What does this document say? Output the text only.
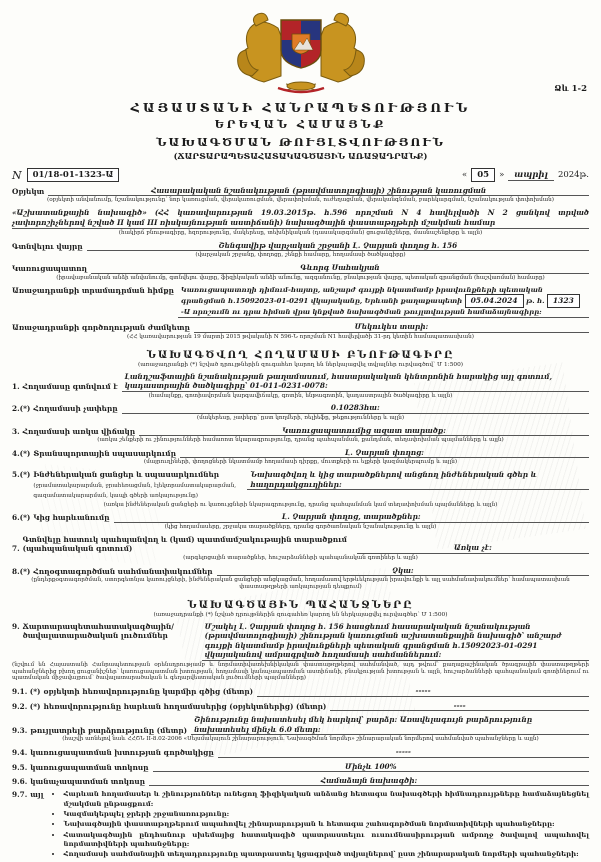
Ձև 1-2
ՀԱՅԱՍՏԱՆԻ ՀԱՆՐԱՊԵՏՈՒԹՅՈՒՆ
ԵՐԵՎԱՆ ՀԱՄԱՅՆՔ
ՆԱԽԱԳԾՄԱՆ ԹՈՒՅԼՏՎՈՒԹՅՈՒՆ
(ՃԱՐՏԱՐԱՊԵՏԱՀԱՏԱԿԱԳԾԱՅԻՆ ԱՌԱՋԱԴՐԱՆՔ)
N	01/18-01-1323-Ա	«	05	»	ապրիլ	2024թ.
Օբյեկտ	Հասարակական նշանակության (թրավմատոլոգիայի) շինության կառուցման
(օբյեկտի անվանումը, նշանակությունը՝ նոր կառուցման, վերակառուցման, վերափոխման, ուժեղացման, վերականգնման, բարեկարգման, նշանակության փոփոխման)
«Աշխատանքային նախագիծ» (ՀՀ կառավարության 19.03.2015թ. հ.596 որոշման N 4 հավելվածի N 2 ցանկով տրված չափորոշիչներով նշված II կամ III ռիսկայնության աստիճանի) նախագծային փաստաթղթերի մշակման համար
(հակիրճ բնութագիրը, հզորությունը, մակերեսը, տեխնիկական (դասակարգման) ցուցանիշները, մասնաշենքերը և այլն)
Գտնվելու վայրը	Շենգավիթ վարչական շրջանի Լ. Չարյան փողոց հ. 156
(վարչական շրջանը, փողոցը, շենքի համարը, հողամասի ծածկագիրը)
Կառուցապատող	Գևորգ Սահակյան
(իրավաբանական անձի անվանումը, գտնվելու վայրը, ֆիզիկական անձի անունը, ազգանունը, բնակության վայրը, պետական գրանցման (հաշվառման) համարը)
Առաջադրանքի տրամադրման հիմքը	Կառուցապատողի դիմում-հայտը, անշարժ գույքի նկատմամբ իրավունքների պետական գրանցման հ.15092023-01-0291 վկայականը, Երևանի քաղաքապետի 05.04.2024 թ. հ. 1323 -Ա որոշումն ու դրա հիման վրա կնքված նախագծման թույլտվության համաձայնագիրը:
Առաջադրանքի գործողության ժամկետը	Մեկուկես տարի:
(ՀՀ կառավարության 19 մարտի 2015 թվականի N 596-Ն որոշման N1 հավելվածի 31-րդ կետին համապատասխան)
ՆԱԽԱԳԾՎՈՂ ՀՈՂԱՄԱՍԻ ԲՆՈՒԹԱԳԻՐԸ
(առաջադրանքի (*) նշված դրույթներին զուգահեռ կարող են ներկայացվել տվյալներ ուրվագծով՝ Մ 1:500)
1. Հողամասը գտնվում է
Լանդշաֆտային նշանակության թաղամասում, հասարակական կենտրոնին հարակից այլ գոտում, կադաստրային ծածկագիրը՝ 01-011-0231-0078:
(համայնքը, գոտիավորման կարգավիճակը, գոտին, ենթագոտին, կադաստրային ծածկագիրը և այլն)
2.(*) Հողամասի չափերը	0.10283հա:
(մակերեսը, չափերը՝ ըստ կողմերի, ռելիեֆը, թեքությունները և այլն)
3. Հողամասի առկա վիճակը	Կառուցապատումից ազատ տարածք:
(առկա շենքերի ու շինությունների համառոտ նկարագրությունը, դրանց պահպանման, քանդման, տեղափոխման պայմանները և այլն)
4.(*) Տրանսպորտային սպասարկումը	Լ. Չարյան փողոց:
(մայրուղիների, փողոցների նկատմամբ հողամասի դիրքը, մուտքերի ու ելքերի կազմակերպումը և այլն)
5.(*) Ինժեներական ցանցեր և սպասարկումներ
(ջրամատակարարման, ջրահեռացման, էլեկտրամատակարարման, գազամատակարարման, կապի գծերի առկայությունը)
Նախագծվող և կից տարածքներով անցնող ինժեներական գծեր և հաղորդակցուղիներ:
(առկա ինժեներական ցանցերի ու կառույցների նկարագրությունը, դրանց պահպանման կամ տեղափոխման պայմանները և այլն)
6.(*) Կից հարևանումը	Լ. Չարյան փողոց, տարածքներ:
(կից հողամասերը, շրջակա տարածքները, դրանց գործառնական նշանակությունը և այլն)
7.
Գտնվելը հատուկ պահպանվող և (կամ) պատմամշակութային տարածքում (պահպանական գոտում)	Առկա չէ:
(արգելոցային տարածքներ, հուշարձանների պահպանական գոտիներ և այլն)
8.(*) Հողօգտագործման սահմանափակումներ	Չկա:
(ընդերքօգտագործման, ստորգետնյա կառույցների, ինժեներական ցանցերի անցկացման, հողամասով երթևեկության իրավունքի և այլ սահմանափակումներ՝ համապատասխան փաստաթղթերի առկայության դեպքում)
ՆԱԽԱԳԾԱՅԻՆ ՊԱՀԱՆՋՆԵՐԸ
(առաջադրանքի (*) նշված դրույթներին զուգահեռ կարող են ներկայացվել ուրվագծեր՝ Մ 1:500)
9. Ճարտարապետահատակագծային/ծավալատարածական լուծումներ
Մշակել Լ. Չարյան փողոց հ. 156 հասցեում հասարակական նշանակության (թրավմատոլոգիայի) շինության կառուցման աշխատանքային նախագիծ՝ անշարժ գույքի նկատմամբ իրավունքների պետական գրանցման հ.15092023-01-0291 վկայականով ամրագրված հողամասի սահմաններում:
(նշվում են Հայաստանի Հանրապետության օրենսդրությամբ և նորմատիվատեխնիկական փաստաթղթերով սահմանված, այդ թվում՝ քաղաքաշինական ծրագրային փաստաթղթերի պահանջներից բխող ցուցանիշներ՝ կառուցապատման խտության, հողամասի կանաչապատման աստիճանի, բնակչության խտության և այլն, հուշարձանների պահպանական գոտիներում ու պատմական միջավայրում՝ ծավալատարածական և գեղարվեստական լուծումների պայմանները)
9.1. (*) օբյեկտի հեռավորությունը կարմիր գծից (մետր)	-----
9.2. (*) հեռավորությունը հարևան հողամասերից (օբյեկտներից) (մետր)	----
9.3. թույլատրելի բարձրությունը (մետր)
Շինությունը նախատեսել մեկ հարկով՝ բարձր: Առավելագույն բարձրությունը նախատեսել մինչև 6.0 մետր:
(հաշվի առնելով նաև ՀՀՇՆ II-8.02-2006 «Սեյսմակայուն շինարարություն. Նախագծման նորմեր» շինարարական նորմերով սահմանված պահանջները և այլն)
9.4. կառուցապատման խտության գործակիցը	-----
9.5. կառուցապատման տոկոսը	Մինչև 100%
9.6. կանաչապատման տոկոսը	Համաձայն նախագծի:
9.7. այլ	• Հարևան հողամասեր և շինություններ ունեցող ֆիզիկական անձանց հետագա նախագծերի հիմնադրույթները համաձայնեցնել մշակման ընթացքում:
• Կազմակերպել ջրերի շրջանառությունը:
• Նախագծային փաստաթղթերում ապահովել շինարարության և հետագա շահագործման նորմատիվների պահանջները:
• Հատակագծային ընդհանուր սխեմայից հատակագիծ պատրաստելու ուսումնասիրության ամբողջ ծավալով ապահովել նորմատիվների պահանջները:
• Հողամասի սահմանային տեղադրությունը պատրաստել կցագրված տվյալներով՝ ըստ շինարարական նորմերի պահանջների:
